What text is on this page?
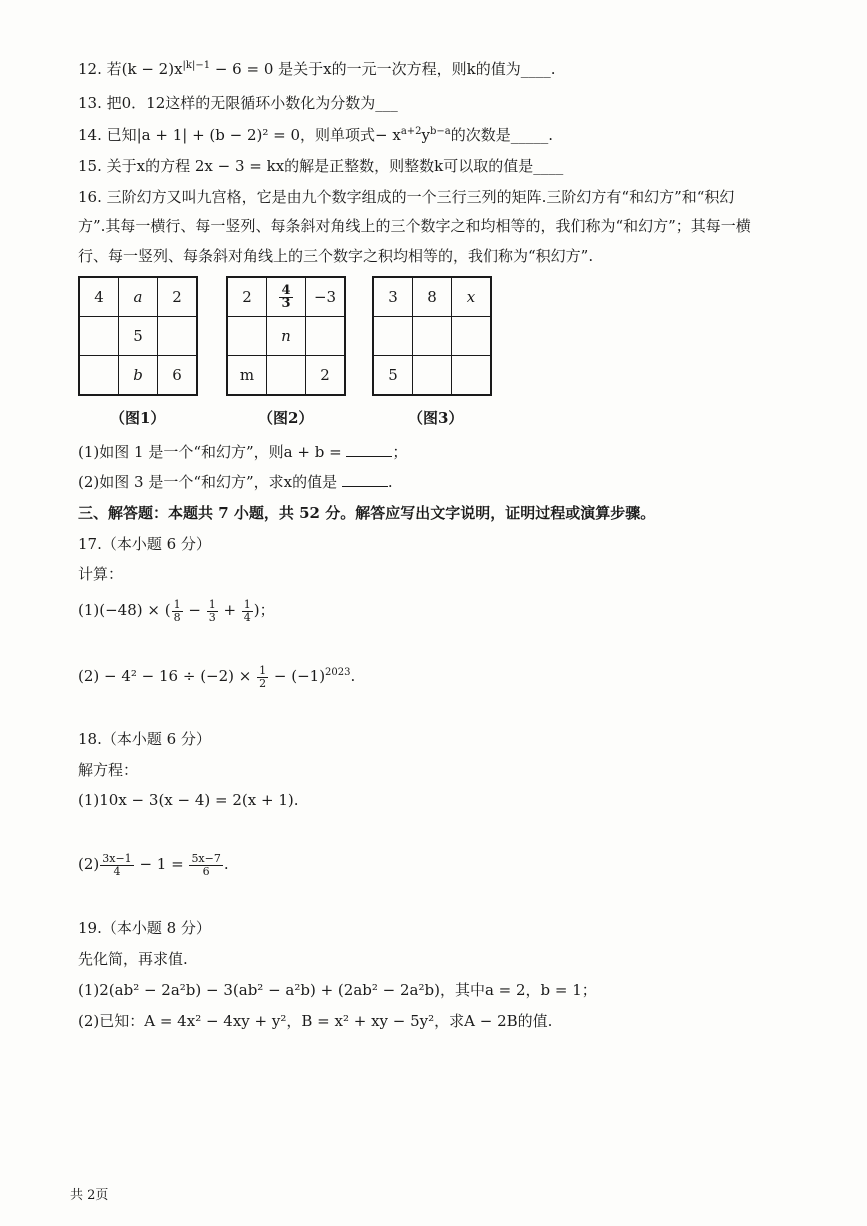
12. 若$(k - 2)x^{|k|-1} - 6 = 0$ 是关于x的一元一次方程，则k的值为____.
13. 把0．12这样的无限循环小数化为分数为___
14. 已知|a + 1| + (b − 2)² = 0，则单项式− $x^{a+2}y^{b-a}$的次数是_____.
15. 关于x的方程 2x − 3 = kx的解是正整数，则整数k可以取的值是____
16. 三阶幻方又叫九宫格，它是由九个数字组成的一个三行三列的矩阵.三阶幻方有“和幻方”和“积幻
方”.其每一横行、每一竖列、每条斜对角线上的三个数字之和均相等的，我们称为“和幻方”；其每一横
行、每一竖列、每条斜对角线上的三个数字之积均相等的，我们称为“积幻方”.
4	a	2
	5	
	b	6
（图1）
2	$\frac{4}{3}$	−3
	n	
m		2
（图2）
3	8	x

5		
（图3）
(1)如图 1 是一个“和幻方”，则a + b =	；
(2)如图 3 是一个“和幻方”，求x的值是	.
三、解答题：本题共 7 小题，共 52 分。解答应写出文字说明，证明过程或演算步骤。
17.（本小题 6 分）
计算：
(1)(−48) × ( $\frac{1}{8} - \frac{1}{3} + \frac{1}{4}$ )；
$(2) - 4^2 - 16 \div (-2) \times \frac{1}{2} - (-1)^{2023}$.
18.（本小题 6 分）
解方程：
(1)10x − 3(x − 4) = 2(x + 1).
$(2) \frac{3x-1}{4} - 1 = \frac{5x-7}{6}$ .
19.（本小题 8 分）
先化简，再求值.
(1)2(ab² − 2a²b) − 3(ab² − a²b) + (2ab² − 2a²b)，其中a = 2，b = 1；
(2)已知：A = 4x² − 4xy + y²，B = x² + xy − 5y²，求A − 2B的值.
共 2页
